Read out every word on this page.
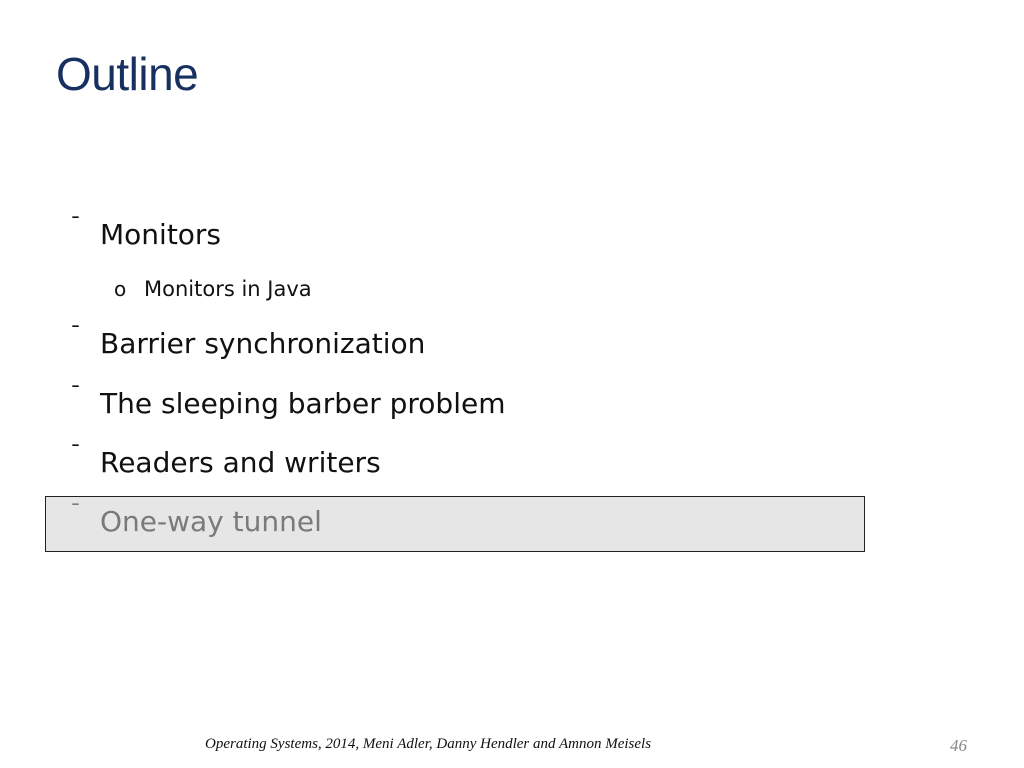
Outline
¯ Monitors
o Monitors in Java
¯ Barrier synchronization
¯ The sleeping barber problem
¯ Readers and writers
¯ One-way tunnel
Operating Systems, 2014, Meni Adler, Danny Hendler and Amnon Meisels	46
